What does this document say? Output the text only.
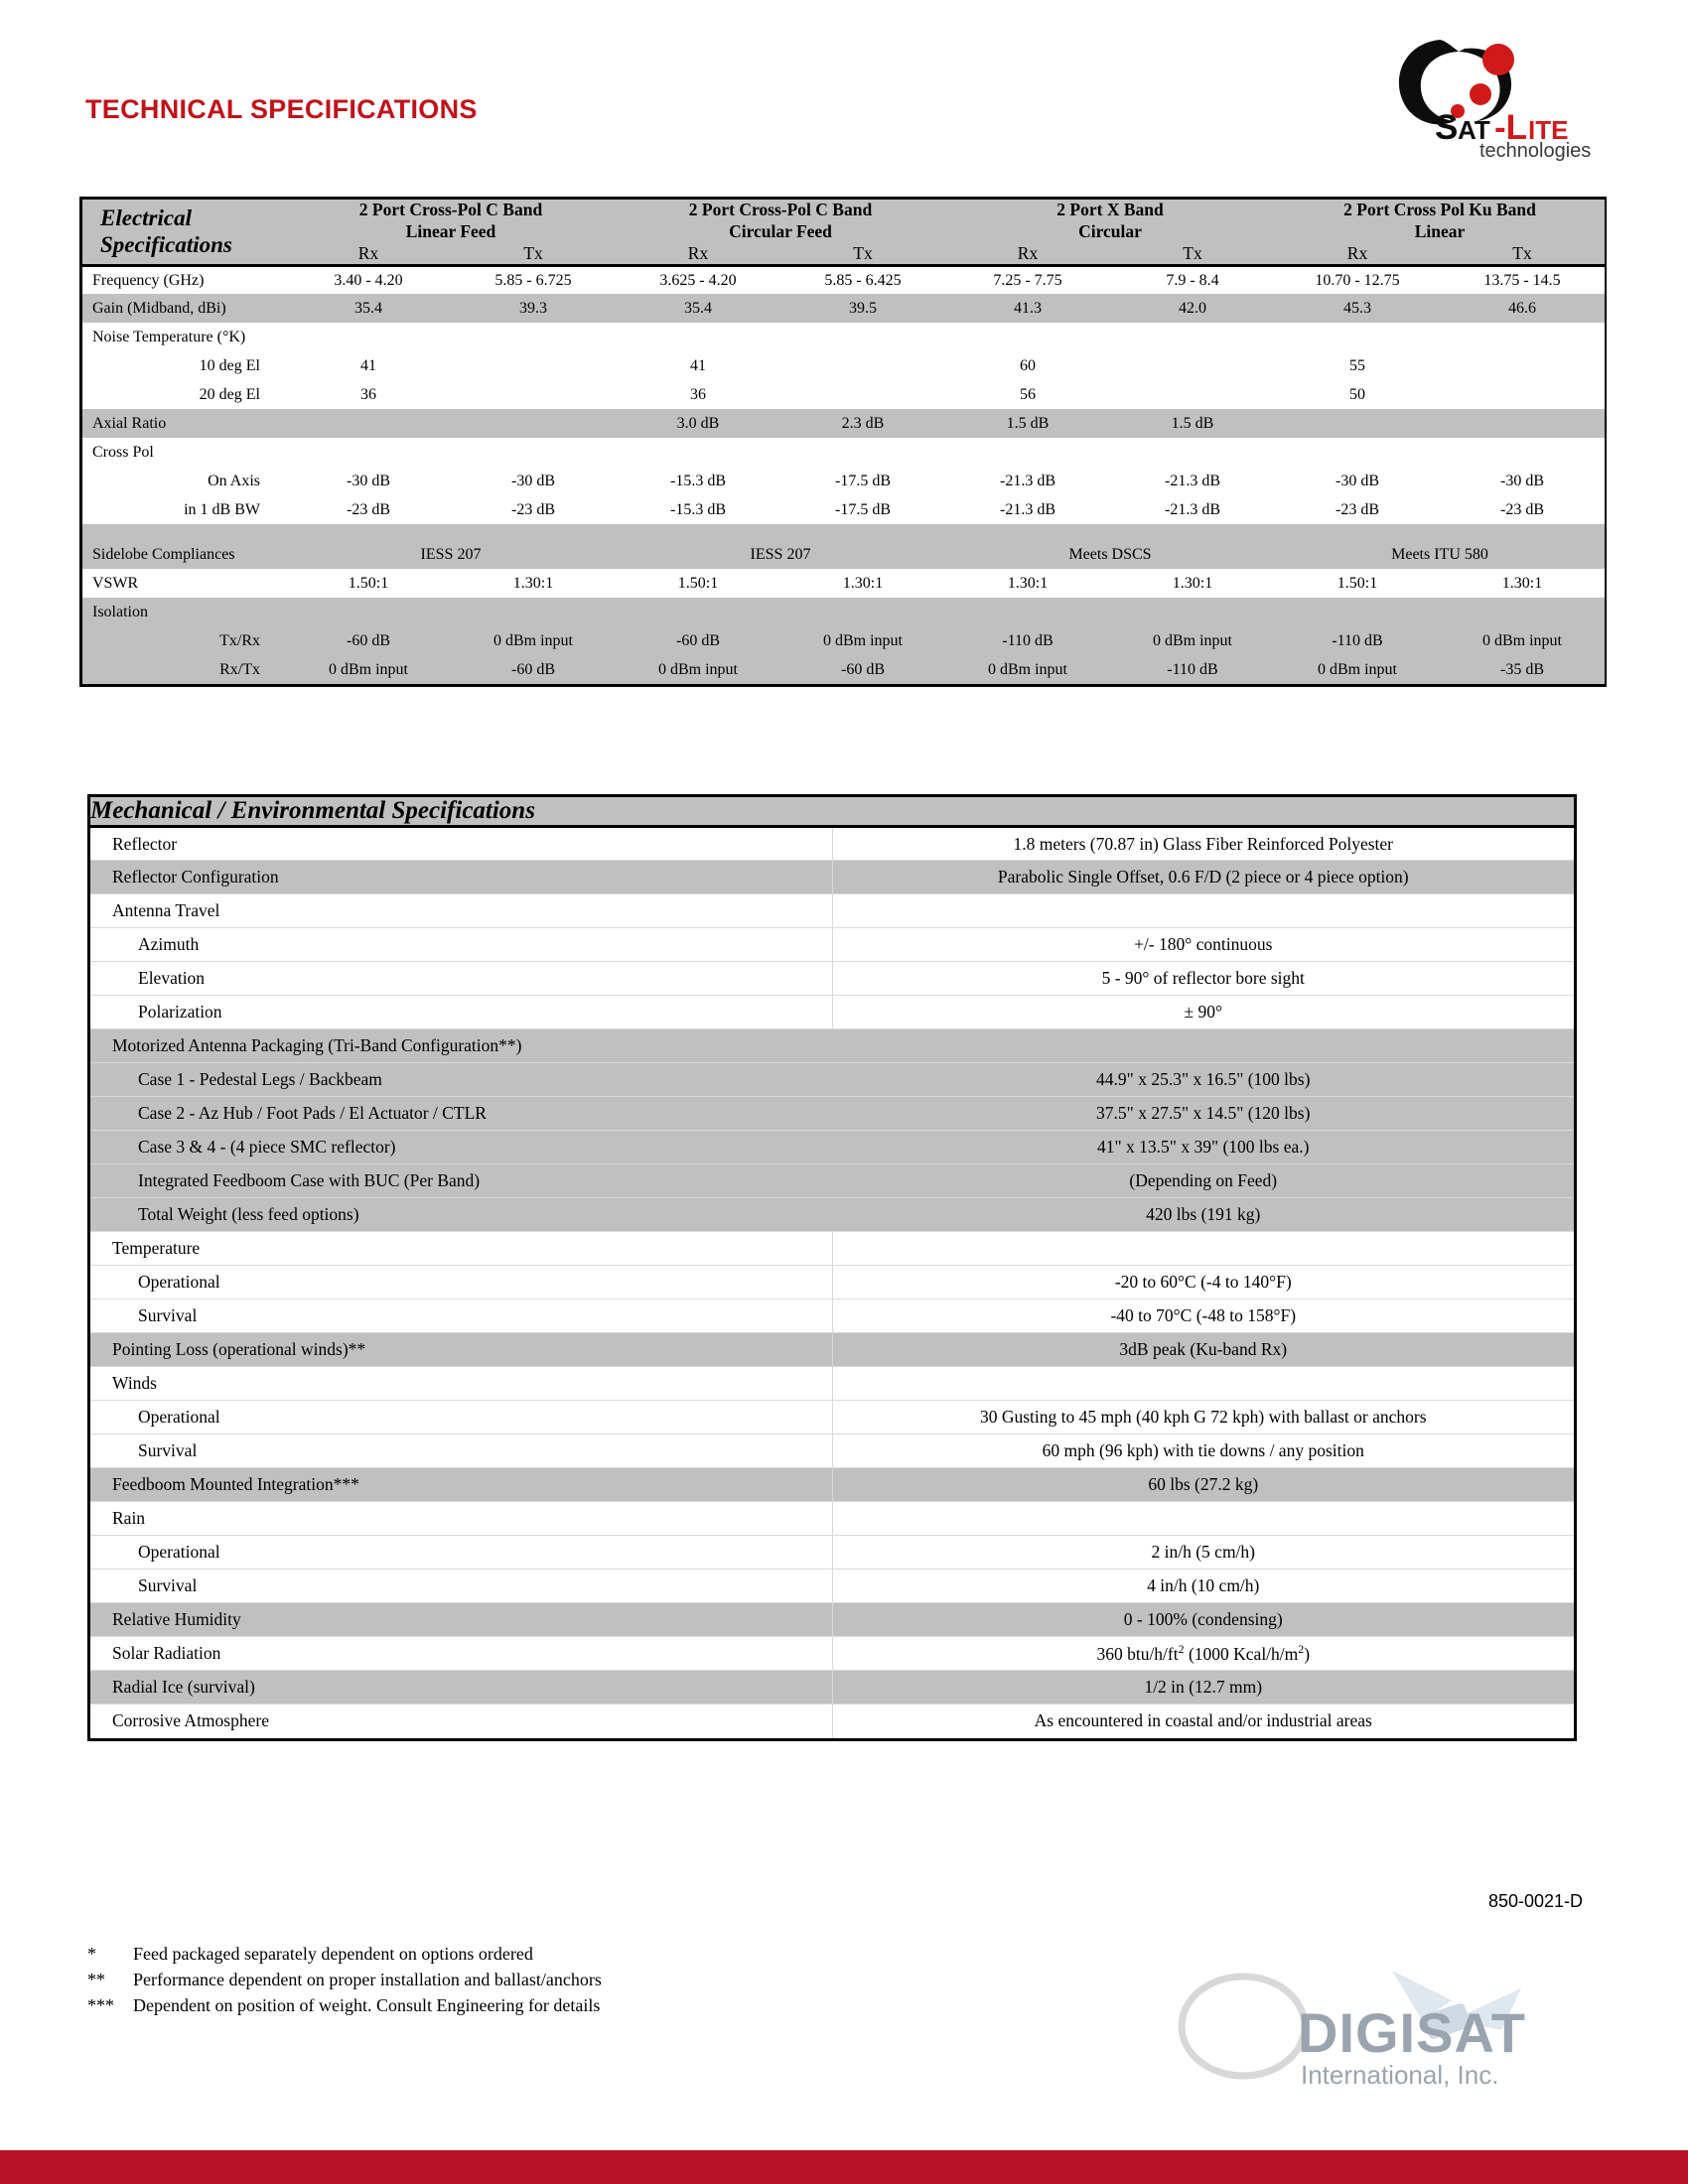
TECHNICAL SPECIFICATIONS	S AT -L ITE
technologies
Electrical
Specifications

2 Port Cross-Pol C Band
Linear Feed

2 Port Cross-Pol C Band
Circular Feed

2 Port X Band
Circular

2 Port Cross Pol Ku Band
Linear

	Rx	Tx	Rx	Tx	Rx	Tx	Rx	Tx

Frequency (GHz)	3.40 - 4.20	5.85 - 6.725	3.625 - 4.20	5.85 - 6.425	7.25 - 7.75	7.9 - 8.4	10.70 - 12.75	13.75 - 14.5
Gain (Midband, dBi)	35.4	39.3	35.4	39.5	41.3	42.0	45.3	46.6
Noise Temperature (°K)								
10 deg El	41		41		60		55	
20 deg El	36		36		56		50	
Axial Ratio			3.0 dB	2.3 dB	1.5 dB	1.5 dB		
Cross Pol								
On Axis	-30 dB	-30 dB	-15.3 dB	-17.5 dB	-21.3 dB	-21.3 dB	-30 dB	-30 dB
in 1 dB BW	-23 dB	-23 dB	-15.3 dB	-17.5 dB	-21.3 dB	-21.3 dB	-23 dB	-23 dB

Sidelobe Compliances	IESS 207		IESS 207		Meets DSCS		Meets ITU 580	
VSWR	1.50:1	1.30:1	1.50:1	1.30:1	1.30:1	1.30:1	1.50:1	1.30:1
Isolation								
Tx/Rx	-60 dB	0 dBm input	-60 dB	0 dBm input	-110 dB	0 dBm input	-110 dB	0 dBm input
Rx/Tx	0 dBm input	-60 dB	0 dBm input	-60 dB	0 dBm input	-110 dB	0 dBm input	-35 dB
Mechanical / Environmental Specifications	
Reflector	1.8 meters (70.87 in) Glass Fiber Reinforced Polyester
Reflector Configuration	Parabolic Single Offset, 0.6 F/D (2 piece or 4 piece option)
Antenna Travel	
Azimuth	+/- 180° continuous
Elevation	5 - 90° of reflector bore sight
Polarization	± 90°
Motorized Antenna Packaging (Tri-Band Configuration**)	
Case 1 - Pedestal Legs / Backbeam	44.9" x 25.3" x 16.5" (100 lbs)
Case 2 - Az Hub / Foot Pads / El Actuator / CTLR	37.5" x 27.5" x 14.5" (120 lbs)
Case 3 & 4 - (4 piece SMC reflector)	41" x 13.5" x 39" (100 lbs ea.)
Integrated Feedboom Case with BUC (Per Band)	(Depending on Feed)
Total Weight (less feed options)	420 lbs (191 kg)
Temperature	
Operational	-20 to 60°C (-4 to 140°F)
Survival	-40 to 70°C (-48 to 158°F)
Pointing Loss (operational winds)**	3dB peak (Ku-band Rx)
Winds	
Operational	30 Gusting to 45 mph (40 kph G 72 kph) with ballast or anchors
Survival	60 mph (96 kph) with tie downs / any position
Feedboom Mounted Integration***	60 lbs (27.2 kg)
Rain	
Operational	2 in/h (5 cm/h)
Survival	4 in/h (10 cm/h)
Relative Humidity	0 - 100% (condensing)
Solar Radiation	360 btu/$h/ft^2$ (1000 Kcal/$h/m^2$)
Radial Ice (survival)	1/2 in (12.7 mm)
Corrosive Atmosphere	As encountered in coastal and/or industrial areas
850-0021-D
*	Feed packaged separately dependent on options ordered
**	Performance dependent on proper installation and ballast/anchors
***	Dependent on position of weight. Consult Engineering for details	DIGISAT
International, Inc.
